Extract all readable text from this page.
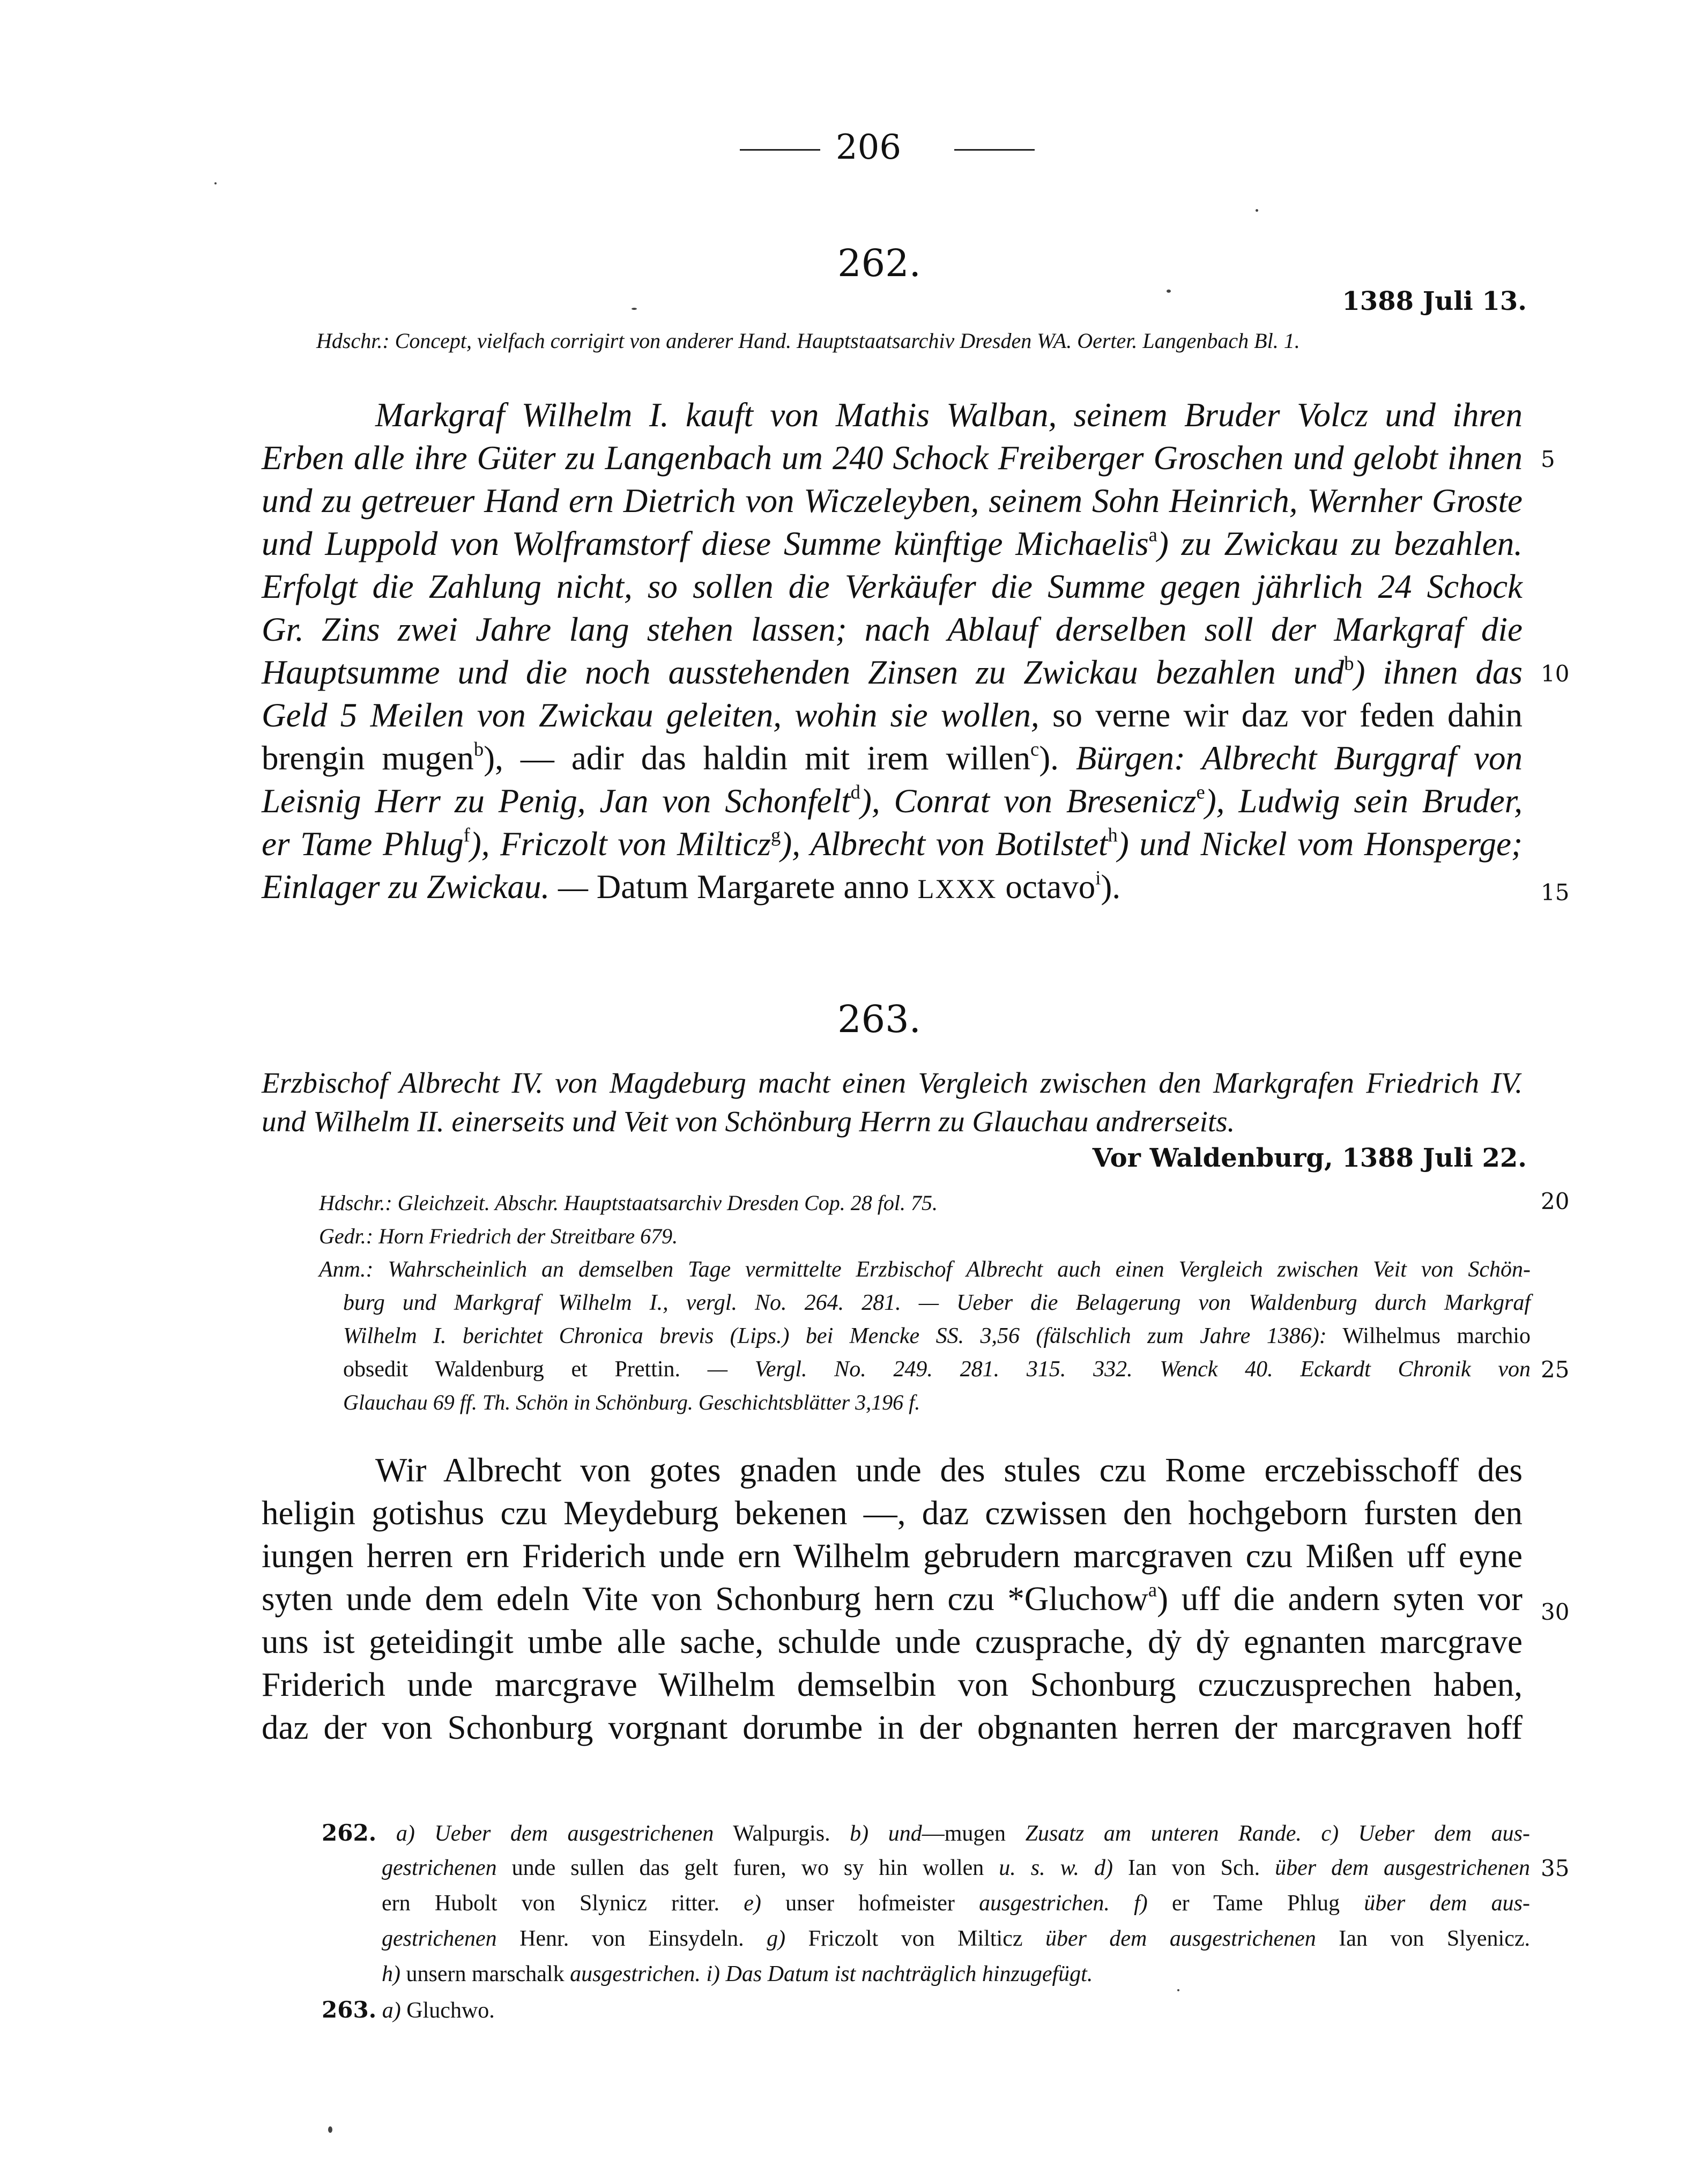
206
262.
1388 Juli 13.
Hdschr.: Concept, vielfach corrigirt von anderer Hand. Hauptstaatsarchiv Dresden WA. Oerter. Langenbach Bl. 1.
Markgraf Wilhelm I. kauft von Mathis Walban, seinem Bruder Volcz und ihren
Erben alle ihre Güter zu Langenbach um 240 Schock Freiberger Groschen und gelobt ihnen
und zu getreuer Hand ern Dietrich von Wiczeleyben, seinem Sohn Heinrich, Wernher Groste
und Luppold von Wolframstorf diese Summe künftige Michaelis$^a$) zu Zwickau zu bezahlen.
Erfolgt die Zahlung nicht, so sollen die Verkäufer die Summe gegen jährlich 24 Schock
Gr. Zins zwei Jahre lang stehen lassen; nach Ablauf derselben soll der Markgraf die
Hauptsumme und die noch ausstehenden Zinsen zu Zwickau bezahlen und$^b$) ihnen das
Geld 5 Meilen von Zwickau geleiten, wohin sie wollen, so verne wir daz vor feden dahin
brengin mugen$^b$), — adir das haldin mit irem willen$^c$). Bürgen: Albrecht Burggraf von
Leisnig Herr zu Penig, Jan von Schonfelt$^d$), Conrat von Bresenicz$^e$), Ludwig sein Bruder,
er Tame Phlug$^f$), Friczolt von Milticz$^g$), Albrecht von Botilstet$^h$) und Nickel vom Honsperge;
Einlager zu Zwickau. — Datum Margarete anno LXXX octavo$^i$).
5
10
15
263.
Erzbischof Albrecht IV. von Magdeburg macht einen Vergleich zwischen den Markgrafen Friedrich IV.
und Wilhelm II. einerseits und Veit von Schönburg Herrn zu Glauchau andrerseits.
Vor Waldenburg, 1388 Juli 22.
Hdschr.: Gleichzeit. Abschr. Hauptstaatsarchiv Dresden Cop. 28 fol. 75.
Gedr.: Horn Friedrich der Streitbare 679.
Anm.: Wahrscheinlich an demselben Tage vermittelte Erzbischof Albrecht auch einen Vergleich zwischen Veit von Schön-
burg und Markgraf Wilhelm I., vergl. No. 264. 281. — Ueber die Belagerung von Waldenburg durch Markgraf
Wilhelm I. berichtet Chronica brevis (Lips.) bei Mencke SS. 3,56 (fälschlich zum Jahre 1386): Wilhelmus marchio
obsedit Waldenburg et Prettin. — Vergl. No. 249. 281. 315. 332. Wenck 40. Eckardt Chronik von
Glauchau 69 ff. Th. Schön in Schönburg. Geschichtsblätter 3,196 f.
20
25
30
Wir Albrecht von gotes gnaden unde des stules czu Rome erczebisschoff des
heligin gotishus czu Meydeburg bekenen —, daz czwissen den hochgeborn fursten den
iungen herren ern Friderich unde ern Wilhelm gebrudern marcgraven czu Mißen uff eyne
syten unde dem edeln Vite von Schonburg hern czu *Gluchow$^a$) uff die andern syten vor
uns ist geteidingit umbe alle sache, schulde unde czusprache, dẏ dẏ egnanten marcgrave
Friderich unde marcgrave Wilhelm demselbin von Schonburg czuczusprechen haben,
daz der von Schonburg vorgnant dorumbe in der obgnanten herren der marcgraven hoff
262. a) Ueber dem ausgestrichenen Walpurgis. b) und—mugen Zusatz am unteren Rande. c) Ueber dem aus-
gestrichenen unde sullen das gelt furen, wo sy hin wollen u. s. w. d) Ian von Sch. über dem ausgestrichenen
ern Hubolt von Slynicz ritter. e) unser hofmeister ausgestrichen. f) er Tame Phlug über dem aus-
gestrichenen Henr. von Einsydeln. g) Friczolt von Milticz über dem ausgestrichenen Ian von Slyenicz.
h) unsern marschalk ausgestrichen. i) Das Datum ist nachträglich hinzugefügt.
263. a) Gluchwo.
35
